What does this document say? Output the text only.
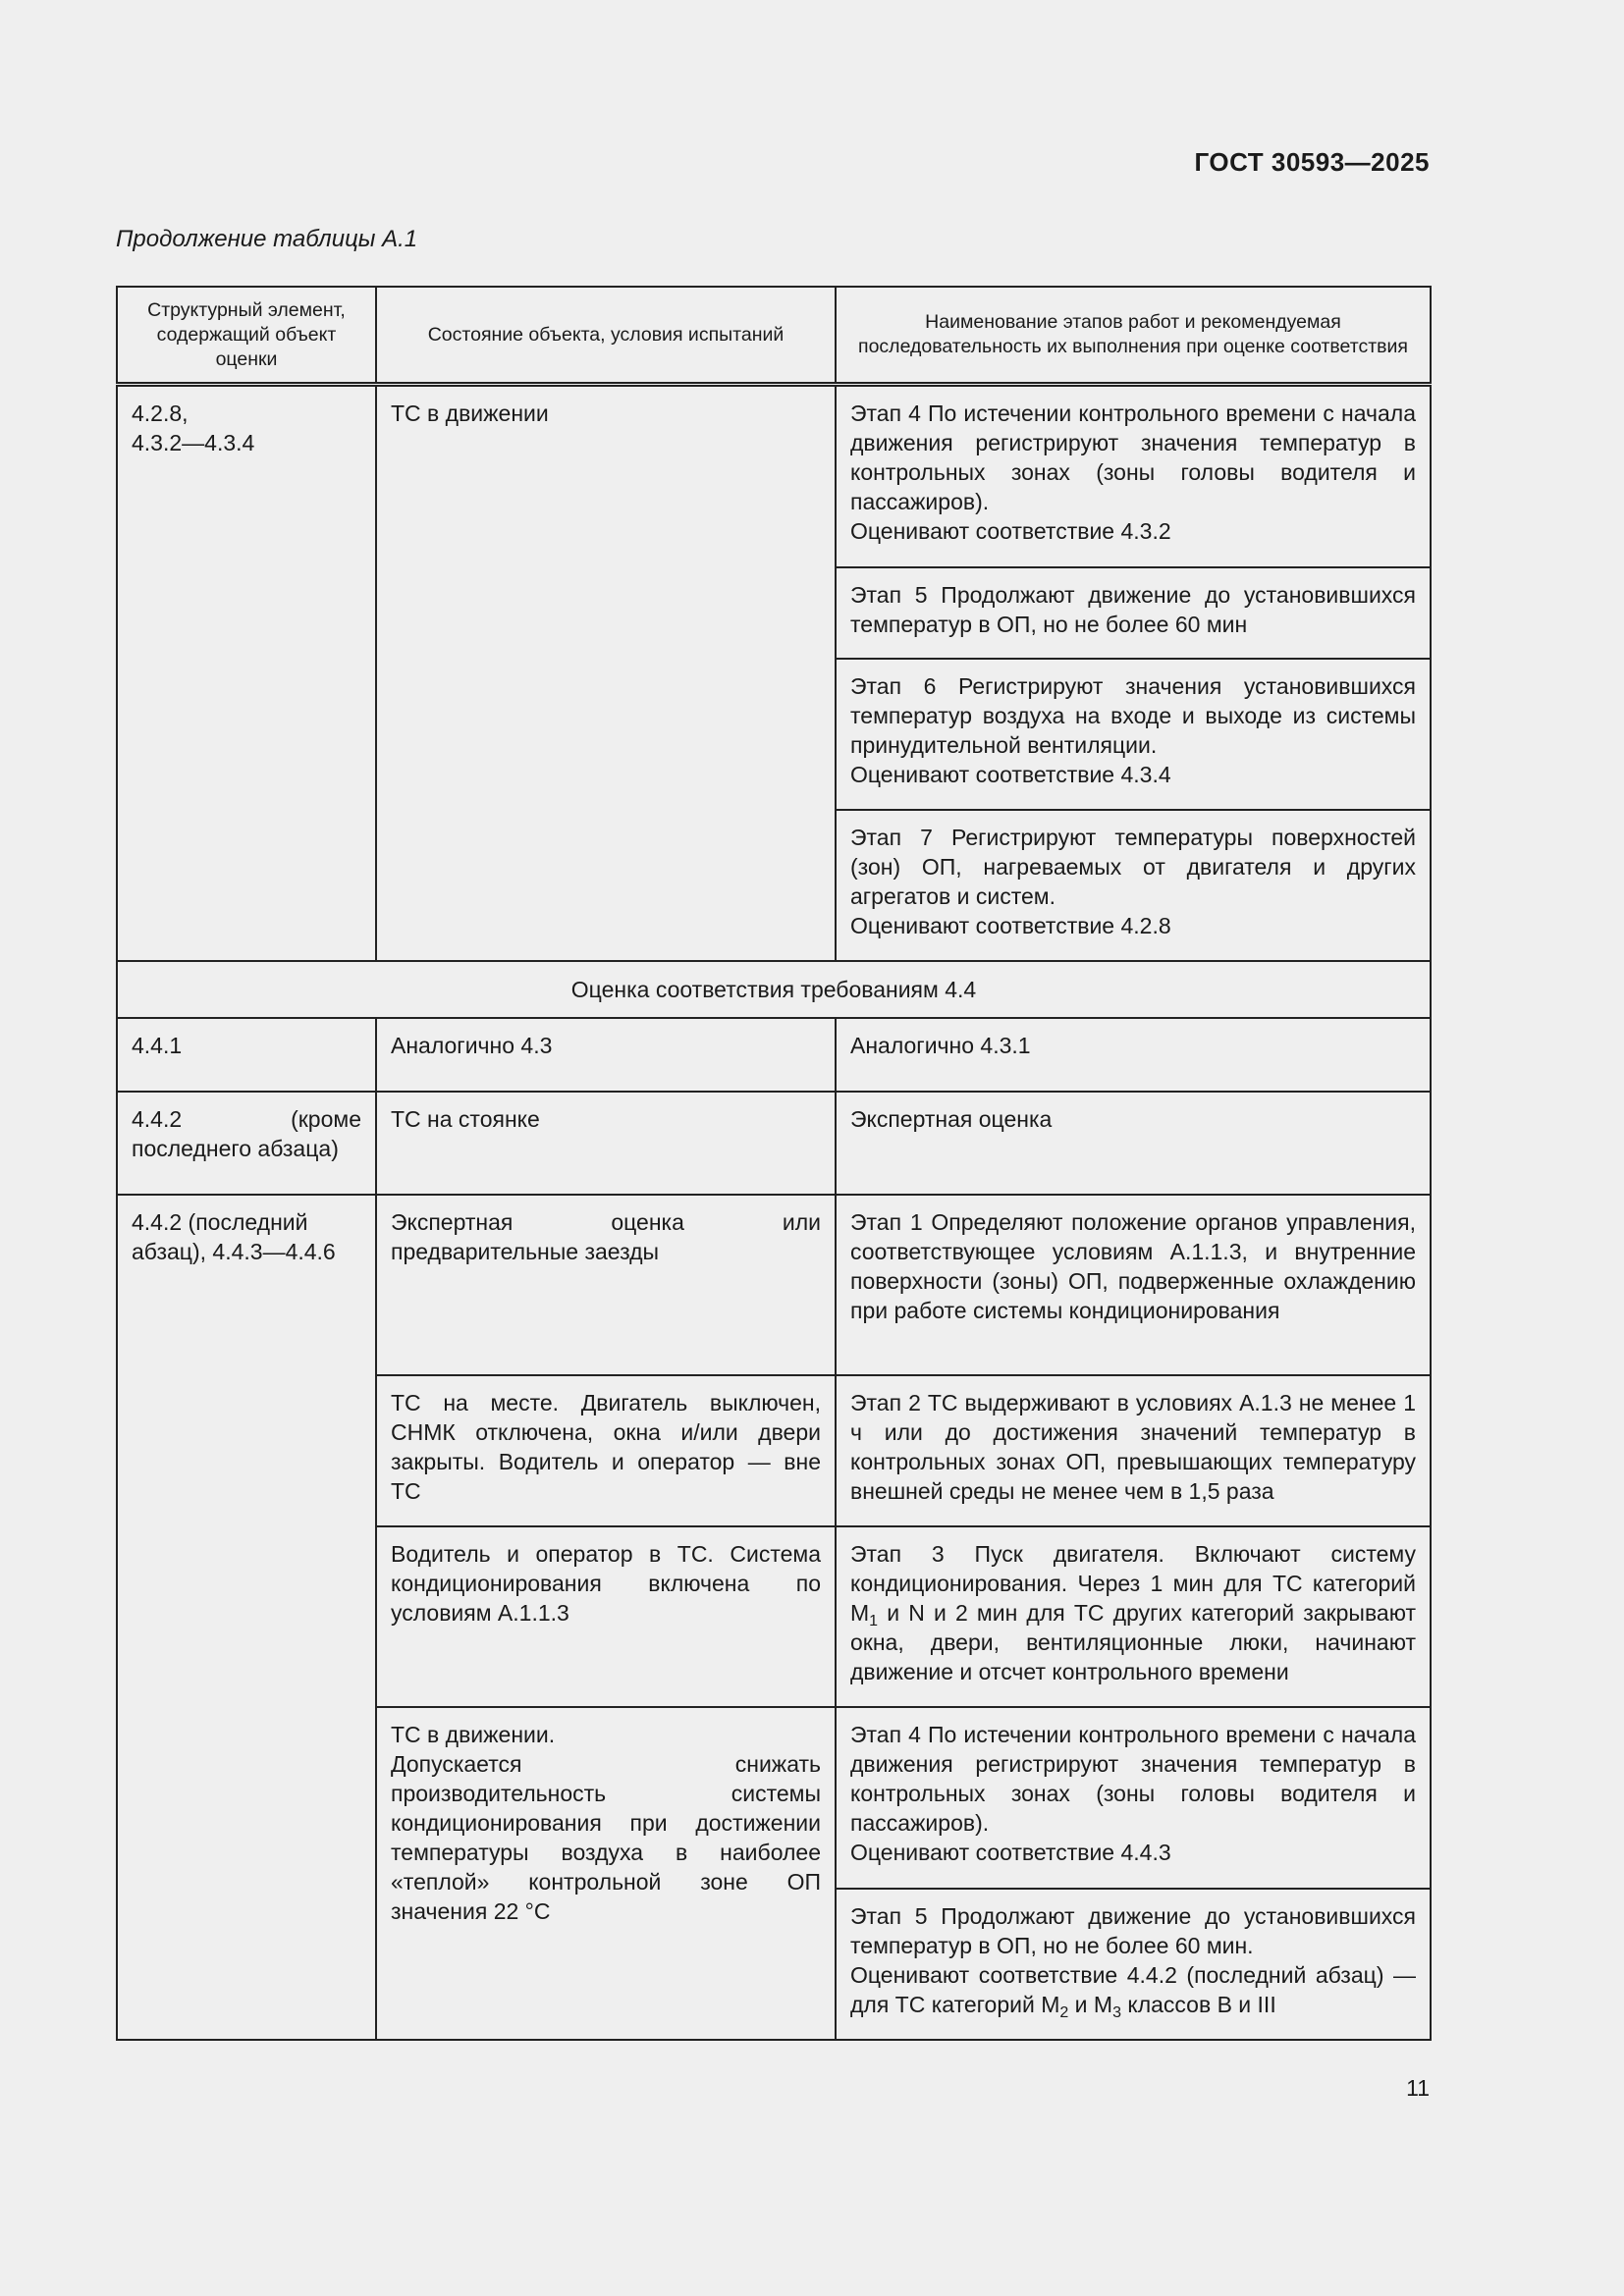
ГОСТ 30593—2025
Продолжение таблицы А.1
Структурный элемент, содержащий объект оценки	Состояние объекта, условия испытаний	Наименование этапов работ и рекомендуемая последовательность их выполнения при оценке соответствия

4.2.8,
4.3.2—4.3.4	ТС в движении	Этап 4 По истечении контрольного времени с начала движения регистрируют значения температур в контрольных зонах (зоны головы водителя и пассажиров).
Оценивают соответствие 4.3.2

		Этап 5 Продолжают движение до установившихся температур в ОП, но не более 60 мин

		Этап 6 Регистрируют значения установившихся температур воздуха на входе и выходе из системы принудительной вентиляции.
Оценивают соответствие 4.3.4

		Этап 7 Регистрируют температуры поверхностей (зон) ОП, нагреваемых от двигателя и других агрегатов и систем.
Оценивают соответствие 4.2.8

Оценка соответствия требованиям 4.4		
4.4.1	Аналогично 4.3	Аналогично 4.3.1
4.4.2 (кроме последнего абзаца)	ТС на стоянке	Экспертная оценка
4.4.2 (последний абзац), 4.4.3—4.4.6	Экспертная оценка или предварительные заезды	Этап 1 Определяют положение органов управления, соответствующее условиям А.1.1.3, и внутренние поверхности (зоны) ОП, подверженные охлаждению при работе системы кондиционирования
	ТС на месте. Двигатель выключен, СНМК отключена, окна и/или двери закрыты. Водитель и оператор — вне ТС	Этап 2 ТС выдерживают в условиях А.1.3 не менее 1 ч или до достижения значений температур в контрольных зонах ОП, превышающих температуру внешней среды не менее чем в 1,5 раза
	Водитель и оператор в ТС. Система кондиционирования включена по условиям А.1.1.3	Этап 3 Пуск двигателя. Включают систему кондиционирования. Через 1 мин для ТС категорий $М_1$ и N и 2 мин для ТС других категорий закрывают окна, двери, вентиляционные люки, начинают движение и отсчет контрольного времени

	ТС в движении.
Допускается снижать производительность системы кондиционирования при достижении температуры воздуха в наиболее «теплой» контрольной зоне ОП значения 22 °С	Этап 4 По истечении контрольного времени с начала движения регистрируют значения температур в контрольных зонах (зоны головы водителя и пассажиров).
Оценивают соответствие 4.4.3

		Этап 5 Продолжают движение до установившихся температур в ОП, но не более 60 мин.
Оценивают соответствие 4.4.2 (последний абзац) — для ТС категорий $М_2$ и $М_3$ классов В и III
11
